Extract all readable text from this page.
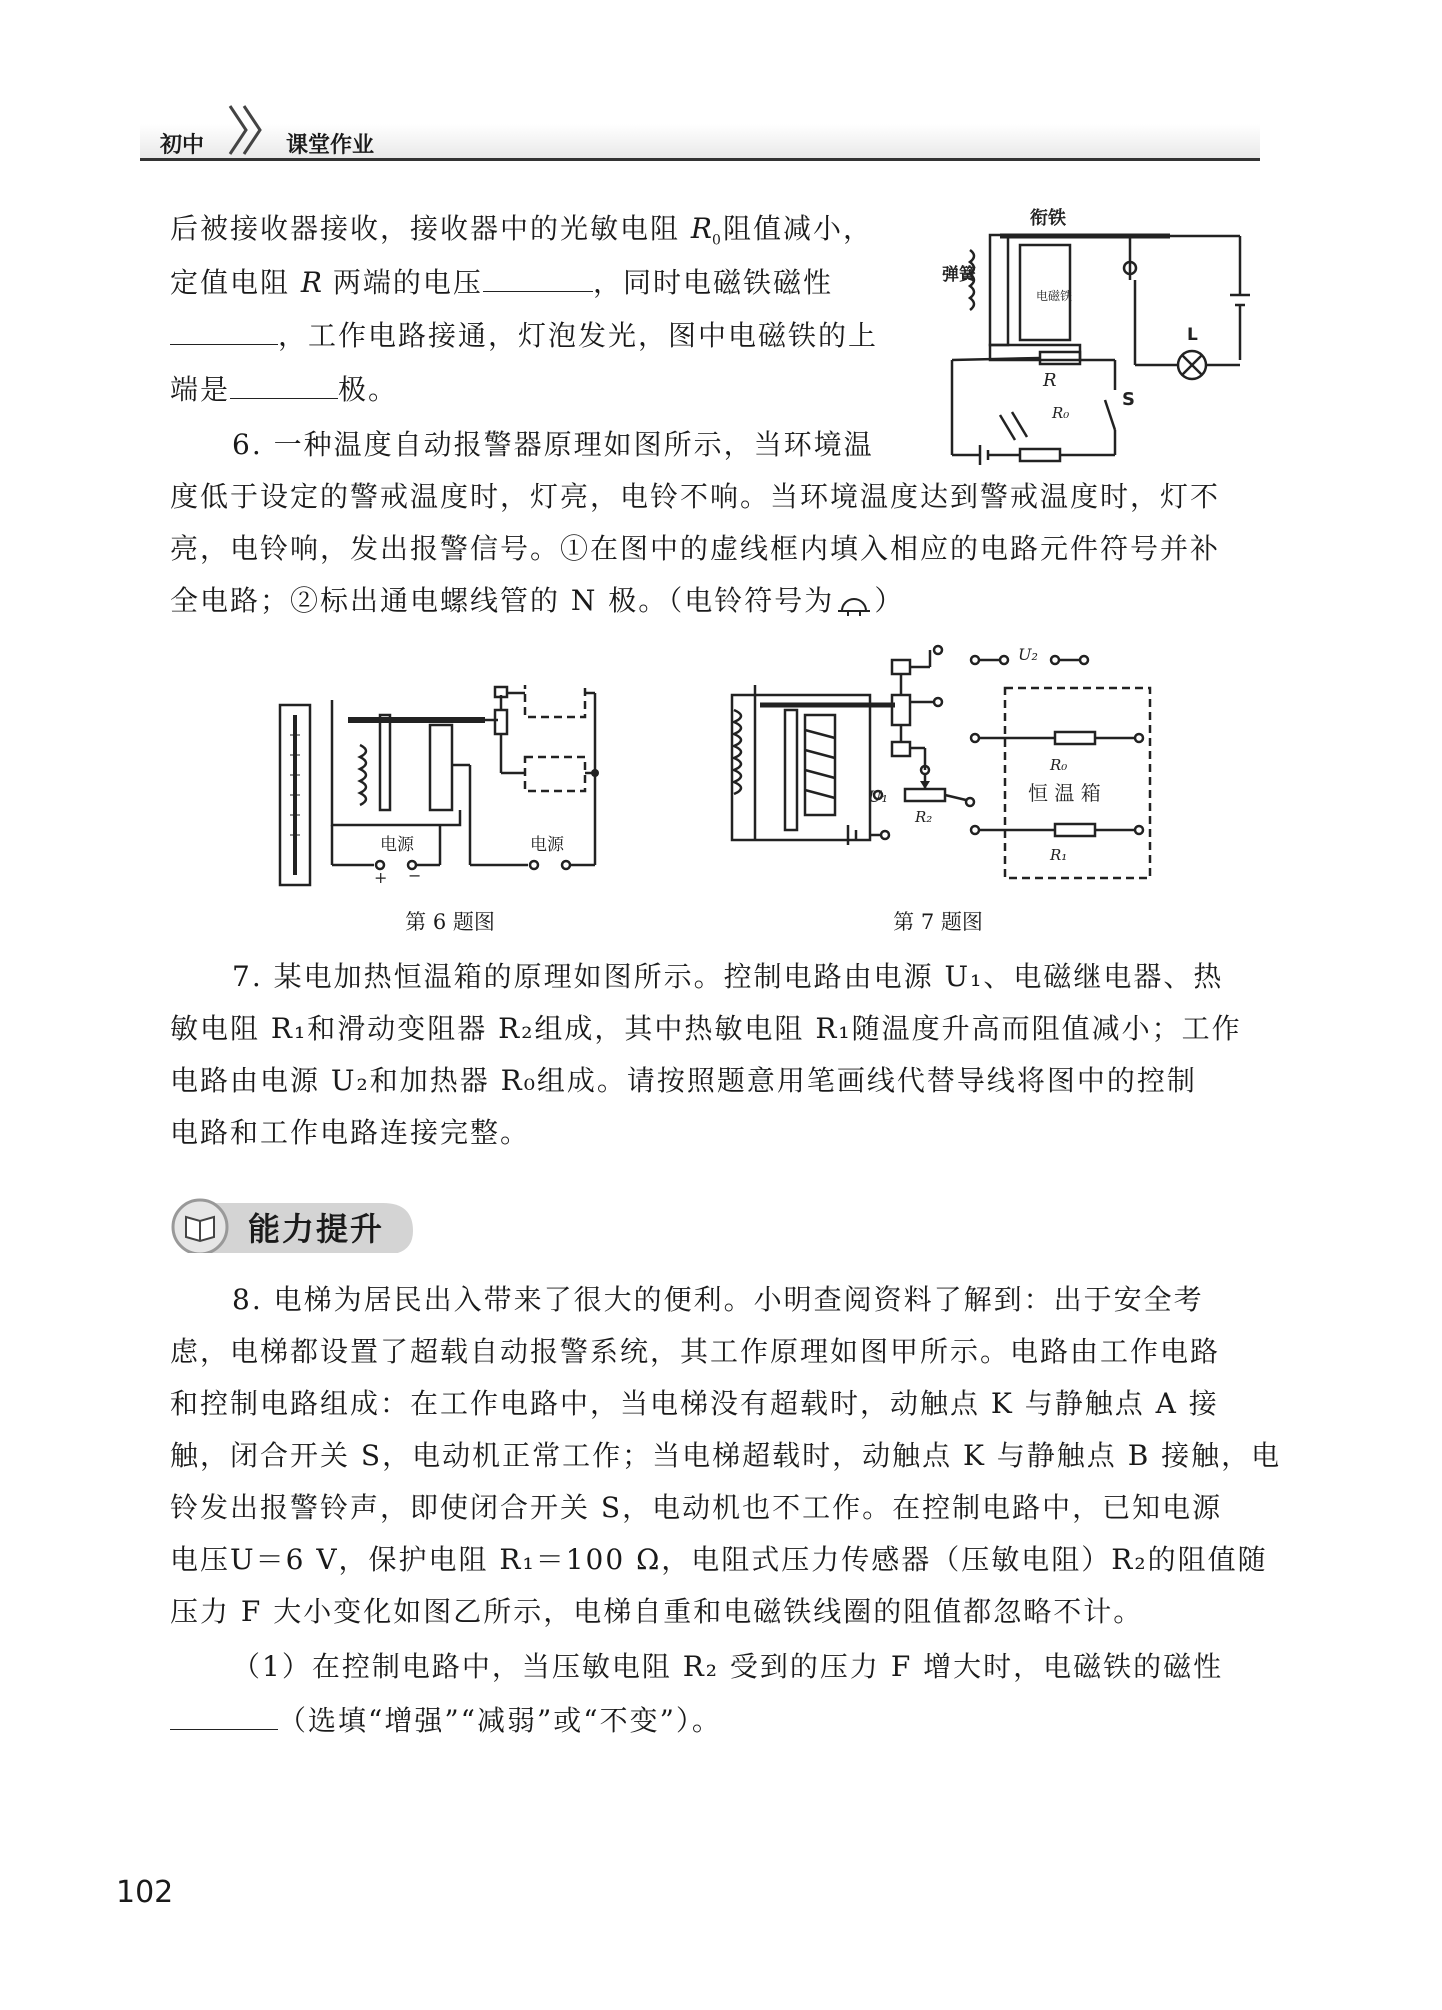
初中	课堂作业
后被接收器接收，接收器中的光敏电阻 $R_0$阻值减小，
定值电阻 R 两端的电压	，同时电磁铁磁性
，工作电路接通，灯泡发光，图中电磁铁的上
端是	极。
衔铁
弹簧
电磁铁
L
R
R₀
S
6. 一种温度自动报警器原理如图所示，当环境温
度低于设定的警戒温度时，灯亮，电铃不响。当环境温度达到警戒温度时，灯不
亮，电铃响，发出报警信号。①在图中的虚线框内填入相应的电路元件符号并补
全电路；②标出通电螺线管的 N 极。（电铃符号为 ）
电源	电源
+ −
第 6 题图
U₂
U₁
R₀
R₁
R₂
恒 温 箱
第 7 题图
7. 某电加热恒温箱的原理如图所示。控制电路由电源 U₁、电磁继电器、热
敏电阻 R₁和滑动变阻器 R₂组成，其中热敏电阻 R₁随温度升高而阻值减小；工作
电路由电源 U₂和加热器 R₀组成。请按照题意用笔画线代替导线将图中的控制
电路和工作电路连接完整。
能力提升
8. 电梯为居民出入带来了很大的便利。小明查阅资料了解到：出于安全考
虑，电梯都设置了超载自动报警系统，其工作原理如图甲所示。电路由工作电路
和控制电路组成：在工作电路中，当电梯没有超载时，动触点 K 与静触点 A 接
触，闭合开关 S，电动机正常工作；当电梯超载时，动触点 K 与静触点 B 接触，电
铃发出报警铃声，即使闭合开关 S，电动机也不工作。在控制电路中，已知电源
电压U＝6 V，保护电阻 R₁＝100 Ω，电阻式压力传感器（压敏电阻）R₂的阻值随
压力 F 大小变化如图乙所示，电梯自重和电磁铁线圈的阻值都忽略不计。
（1）在控制电路中，当压敏电阻 R₂ 受到的压力 F 增大时，电磁铁的磁性
（选填“增强”“减弱”或“不变”）。
102
